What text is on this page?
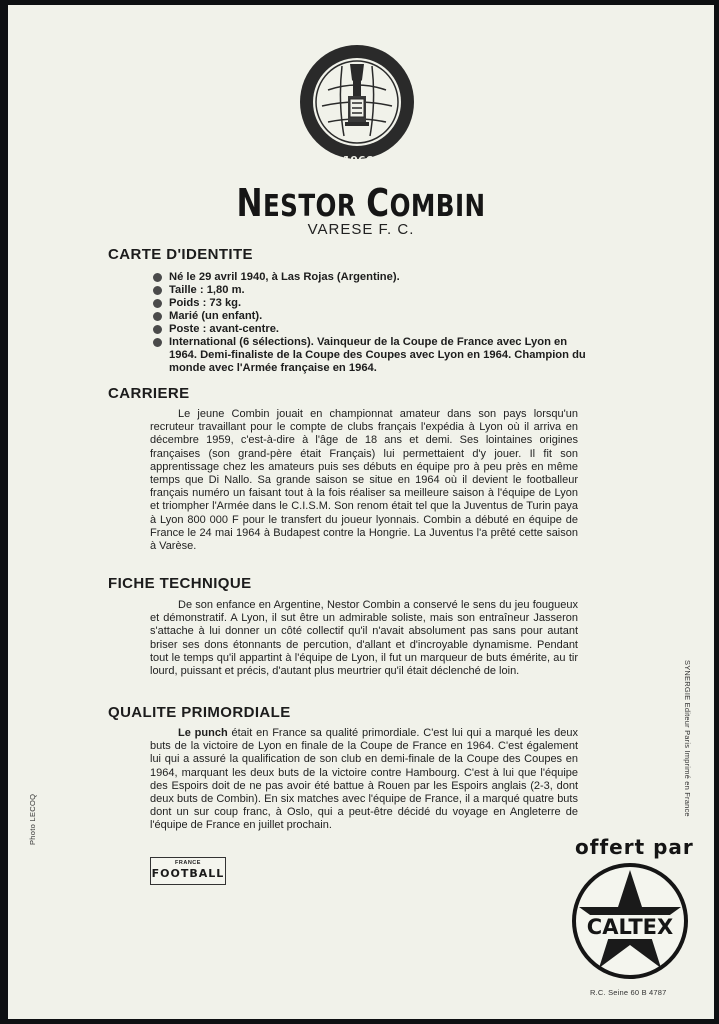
1966
NESTOR COMBIN
VARESE F. C.
CARTE D'IDENTITE
Né le 29 avril 1940, à Las Rojas (Argentine).
Taille : 1,80 m.
Poids : 73 kg.
Marié (un enfant).
Poste : avant-centre.
International (6 sélections). Vainqueur de la Coupe de France avec Lyon en 1964. Demi-finaliste de la Coupe des Coupes avec Lyon en 1964. Champion du monde avec l'Armée française en 1964.
CARRIERE

Le jeune Combin jouait en championnat amateur dans son pays lorsqu'un recruteur travaillant pour le compte de clubs français l'expédia à Lyon où il arriva en décembre 1959, c'est-à-dire à l'âge de 18 ans et demi. Ses lointaines origines françaises (son grand-père était Français) lui permettaient d'y jouer. Il fit son apprentissage chez les amateurs puis ses débuts en équipe pro à peu près en même temps que Di Nallo. Sa grande saison se situe en 1964 où il devient le footballeur français numéro un faisant tout à la fois réaliser sa meilleure saison à l'équipe de Lyon et triompher l'Armée dans le C.I.S.M. Son renom était tel que la Juventus de Turin paya à Lyon 800 000 F pour le transfert du joueur lyonnais. Combin a débuté en équipe de France le 24 mai 1964 à Budapest contre la Hongrie. La Juventus l'a prêté cette saison à Varèse.

FICHE TECHNIQUE

De son enfance en Argentine, Nestor Combin a conservé le sens du jeu fougueux et démonstratif. A Lyon, il sut être un admirable soliste, mais son entraîneur Jasseron s'attache à lui donner un côté collectif qu'il n'avait absolument pas sans pour autant briser ses dons étonnants de percution, d'allant et d'incroyable dynamisme. Pendant tout le temps qu'il appartint à l'équipe de Lyon, il fut un marqueur de buts émérite, au tir lourd, puissant et précis, d'autant plus meurtrier qu'il était déclenché de loin.

QUALITE PRIMORDIALE

Le punch était en France sa qualité primordiale. C'est lui qui a marqué les deux buts de la victoire de Lyon en finale de la Coupe de France en 1964. C'est également lui qui a assuré la qualification de son club en demi-finale de la Coupe des Coupes en 1964, marquant les deux buts de la victoire contre Hambourg. C'est à lui que l'équipe des Espoirs doit de ne pas avoir été battue à Rouen par les Espoirs anglais (2-3, dont deux buts de Combin). En six matches avec l'équipe de France, il a marqué quatre buts dont un sur coup franc, à Oslo, qui a peut-être décidé du voyage en Angleterre de l'équipe de France en juillet prochain.

Photo LECOQ
SYNERGIE Editeur Paris Imprimé en France
FRANCE
FOOTBALL
offert par
CALTEX
R.C. Seine 60 B 4787
